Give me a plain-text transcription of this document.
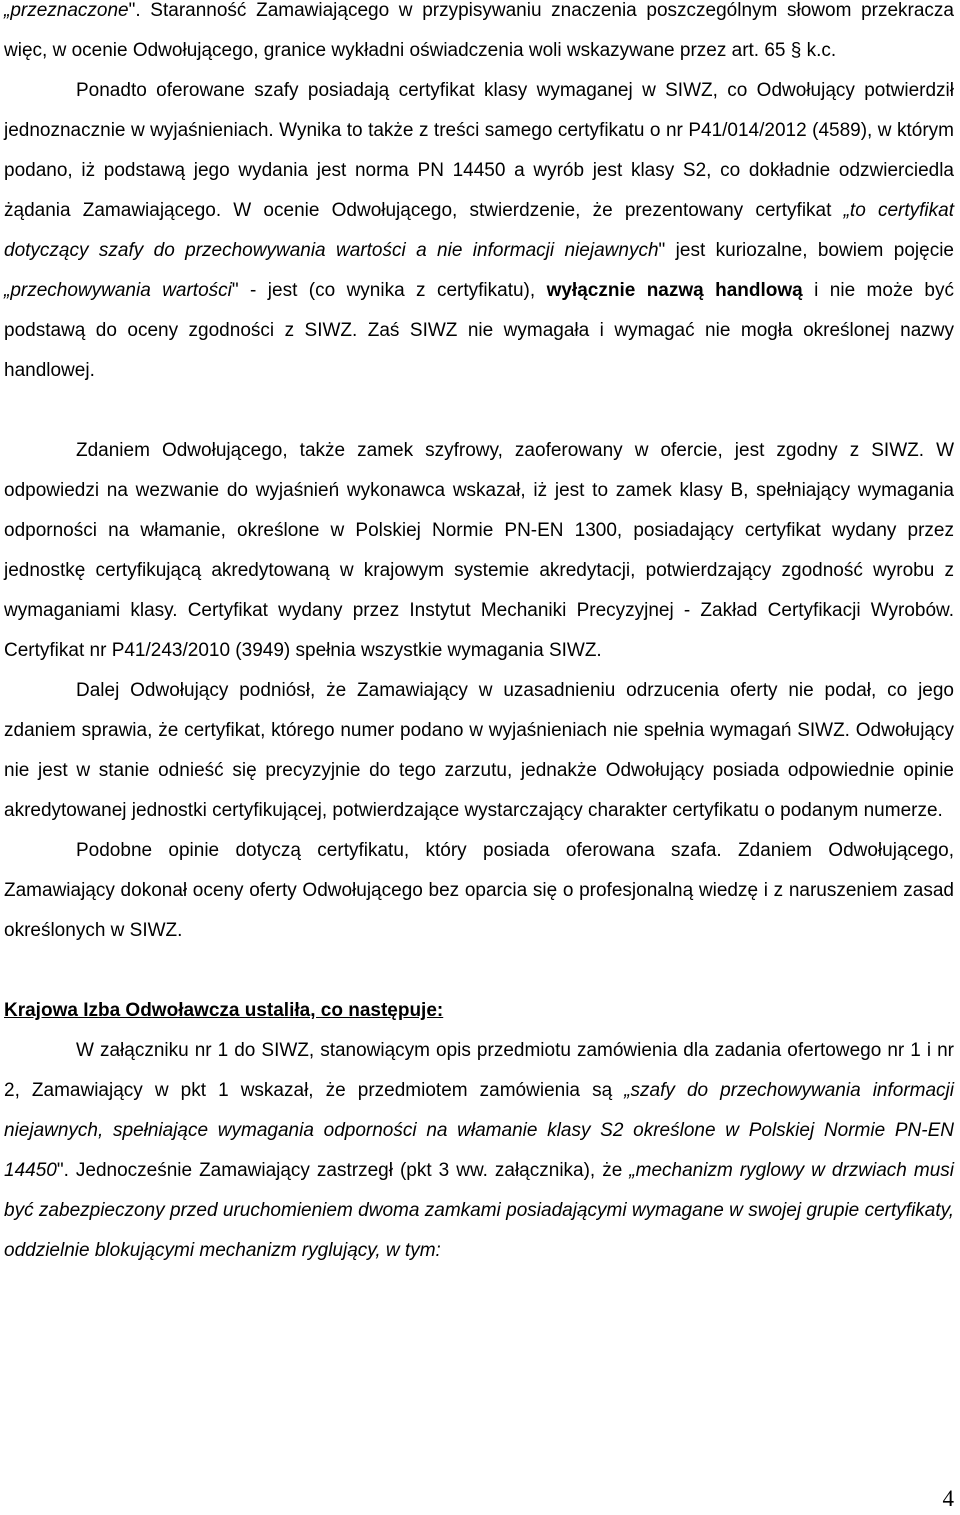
„przeznaczone". Staranność Zamawiającego w przypisywaniu znaczenia poszczególnym słowom przekracza więc, w ocenie Odwołującego, granice wykładni oświadczenia woli wskazywane przez art. 65 § k.c.

Ponadto oferowane szafy posiadają certyfikat klasy wymaganej w SIWZ, co Odwołujący potwierdził jednoznacznie w wyjaśnieniach. Wynika to także z treści samego certyfikatu o nr P41/014/2012 (4589), w którym podano, iż podstawą jego wydania jest norma PN 14450 a wyrób jest klasy S2, co dokładnie odzwierciedla żądania Zamawiającego. W ocenie Odwołującego, stwierdzenie, że prezentowany certyfikat „to certyfikat dotyczący szafy do przechowywania wartości a nie informacji niejawnych" jest kuriozalne, bowiem pojęcie „przechowywania wartości" - jest (co wynika z certyfikatu), wyłącznie nazwą handlową i nie może być podstawą do oceny zgodności z SIWZ. Zaś SIWZ nie wymagała i wymagać nie mogła określonej nazwy handlowej.

Zdaniem Odwołującego, także zamek szyfrowy, zaoferowany w ofercie, jest zgodny z SIWZ. W odpowiedzi na wezwanie do wyjaśnień wykonawca wskazał, iż jest to zamek klasy B, spełniający wymagania odporności na włamanie, określone w Polskiej Normie PN-EN 1300, posiadający certyfikat wydany przez jednostkę certyfikującą akredytowaną w krajowym systemie akredytacji, potwierdzający zgodność wyrobu z wymaganiami klasy. Certyfikat wydany przez Instytut Mechaniki Precyzyjnej - Zakład Certyfikacji Wyrobów. Certyfikat nr P41/243/2010 (3949) spełnia wszystkie wymagania SIWZ.

Dalej Odwołujący podniósł, że Zamawiający w uzasadnieniu odrzucenia oferty nie podał, co jego zdaniem sprawia, że certyfikat, którego numer podano w wyjaśnieniach nie spełnia wymagań SIWZ. Odwołujący nie jest w stanie odnieść się precyzyjnie do tego zarzutu, jednakże Odwołujący posiada odpowiednie opinie akredytowanej jednostki certyfikującej, potwierdzające wystarczający charakter certyfikatu o podanym numerze.

Podobne opinie dotyczą certyfikatu, który posiada oferowana szafa. Zdaniem Odwołującego, Zamawiający dokonał oceny oferty Odwołującego bez oparcia się o profesjonalną wiedzę i z naruszeniem zasad określonych w SIWZ.

Krajowa Izba Odwoławcza ustaliła, co następuje:

W załączniku nr 1 do SIWZ, stanowiącym opis przedmiotu zamówienia dla zadania ofertowego nr 1 i nr 2, Zamawiający w pkt 1 wskazał, że przedmiotem zamówienia są „szafy do przechowywania informacji niejawnych, spełniające wymagania odporności na włamanie klasy S2 określone w Polskiej Normie PN-EN 14450". Jednocześnie Zamawiający zastrzegł (pkt 3 ww. załącznika), że „mechanizm ryglowy w drzwiach musi być zabezpieczony przed uruchomieniem dwoma zamkami posiadającymi wymagane w swojej grupie certyfikaty, oddzielnie blokującymi mechanizm ryglujący, w tym:

4
